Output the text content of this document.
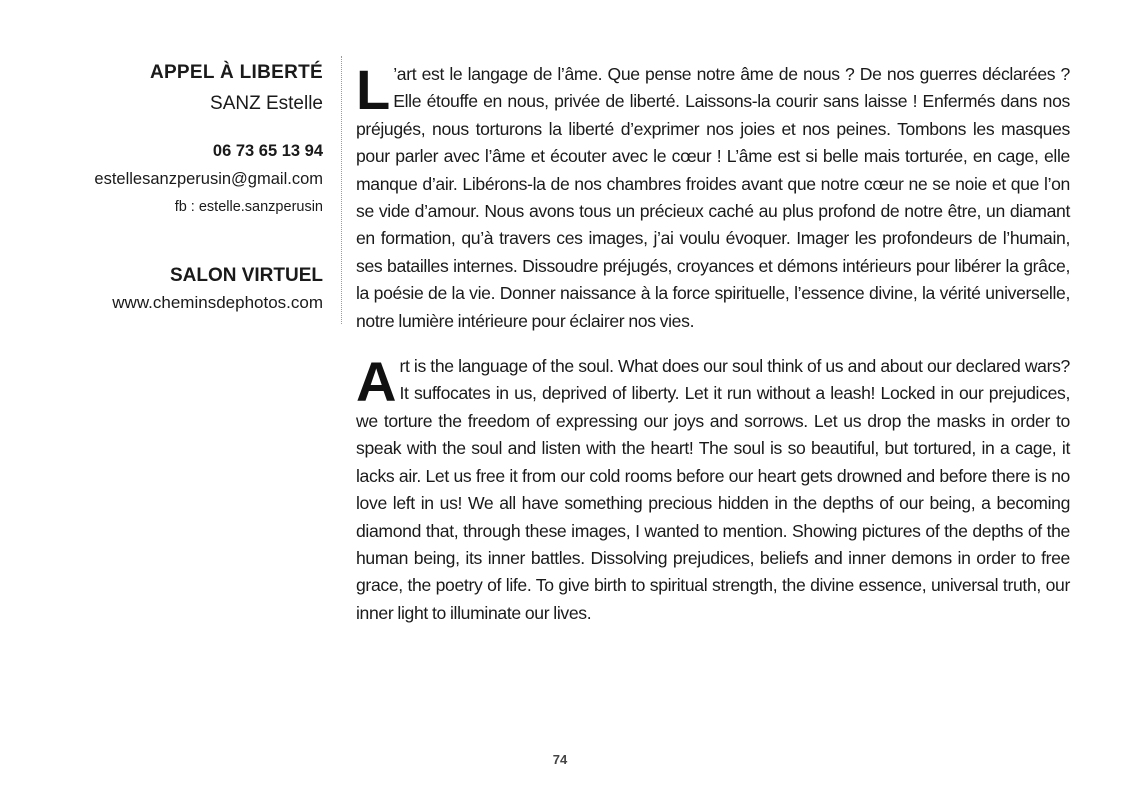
APPEL À LIBERTÉ
SANZ Estelle
06 73 65 13 94
estellesanzperusin@gmail.com
fb : estelle.sanzperusin
SALON VIRTUEL
www.cheminsdephotos.com

L ’art est le langage de l’âme. Que pense notre âme de nous ? De nos guerres déclarées ? Elle étouffe en nous, privée de liberté. Laissons-la courir sans laisse ! Enfermés dans nos préjugés, nous torturons la liberté d’exprimer nos joies et nos peines. Tombons les masques pour parler avec l’âme et écouter avec le cœur ! L’âme est si belle mais torturée, en cage, elle manque d’air. Libérons-la de nos chambres froides avant que notre cœur ne se noie et que l’on se vide d’amour. Nous avons tous un précieux caché au plus profond de notre être, un diamant en formation, qu’à travers ces images, j’ai voulu évoquer. Imager les profondeurs de l’humain, ses batailles internes. Dissoudre préjugés, croyances et démons intérieurs pour libérer la grâce, la poésie de la vie. Donner naissance à la force spirituelle, l’essence divine, la vérité universelle, notre lumière intérieure pour éclairer nos vies.

Art is the language of the soul. What does our soul think of us and about our declared wars? It suffocates in us, deprived of liberty. Let it run without a leash! Locked in our prejudices, we torture the freedom of expressing our joys and sorrows. Let us drop the masks in order to speak with the soul and listen with the heart! The soul is so beautiful, but tortured, in a cage, it lacks air. Let us free it from our cold rooms before our heart gets drowned and before there is no love left in us! We all have something precious hidden in the depths of our being, a becoming diamond that, through these images, I wanted to mention. Showing pictures of the depths of the human being, its inner battles. Dissolving prejudices, beliefs and inner demons in order to free grace, the poetry of life. To give birth to spiritual strength, the divine essence, universal truth, our inner light to illuminate our lives.

74
